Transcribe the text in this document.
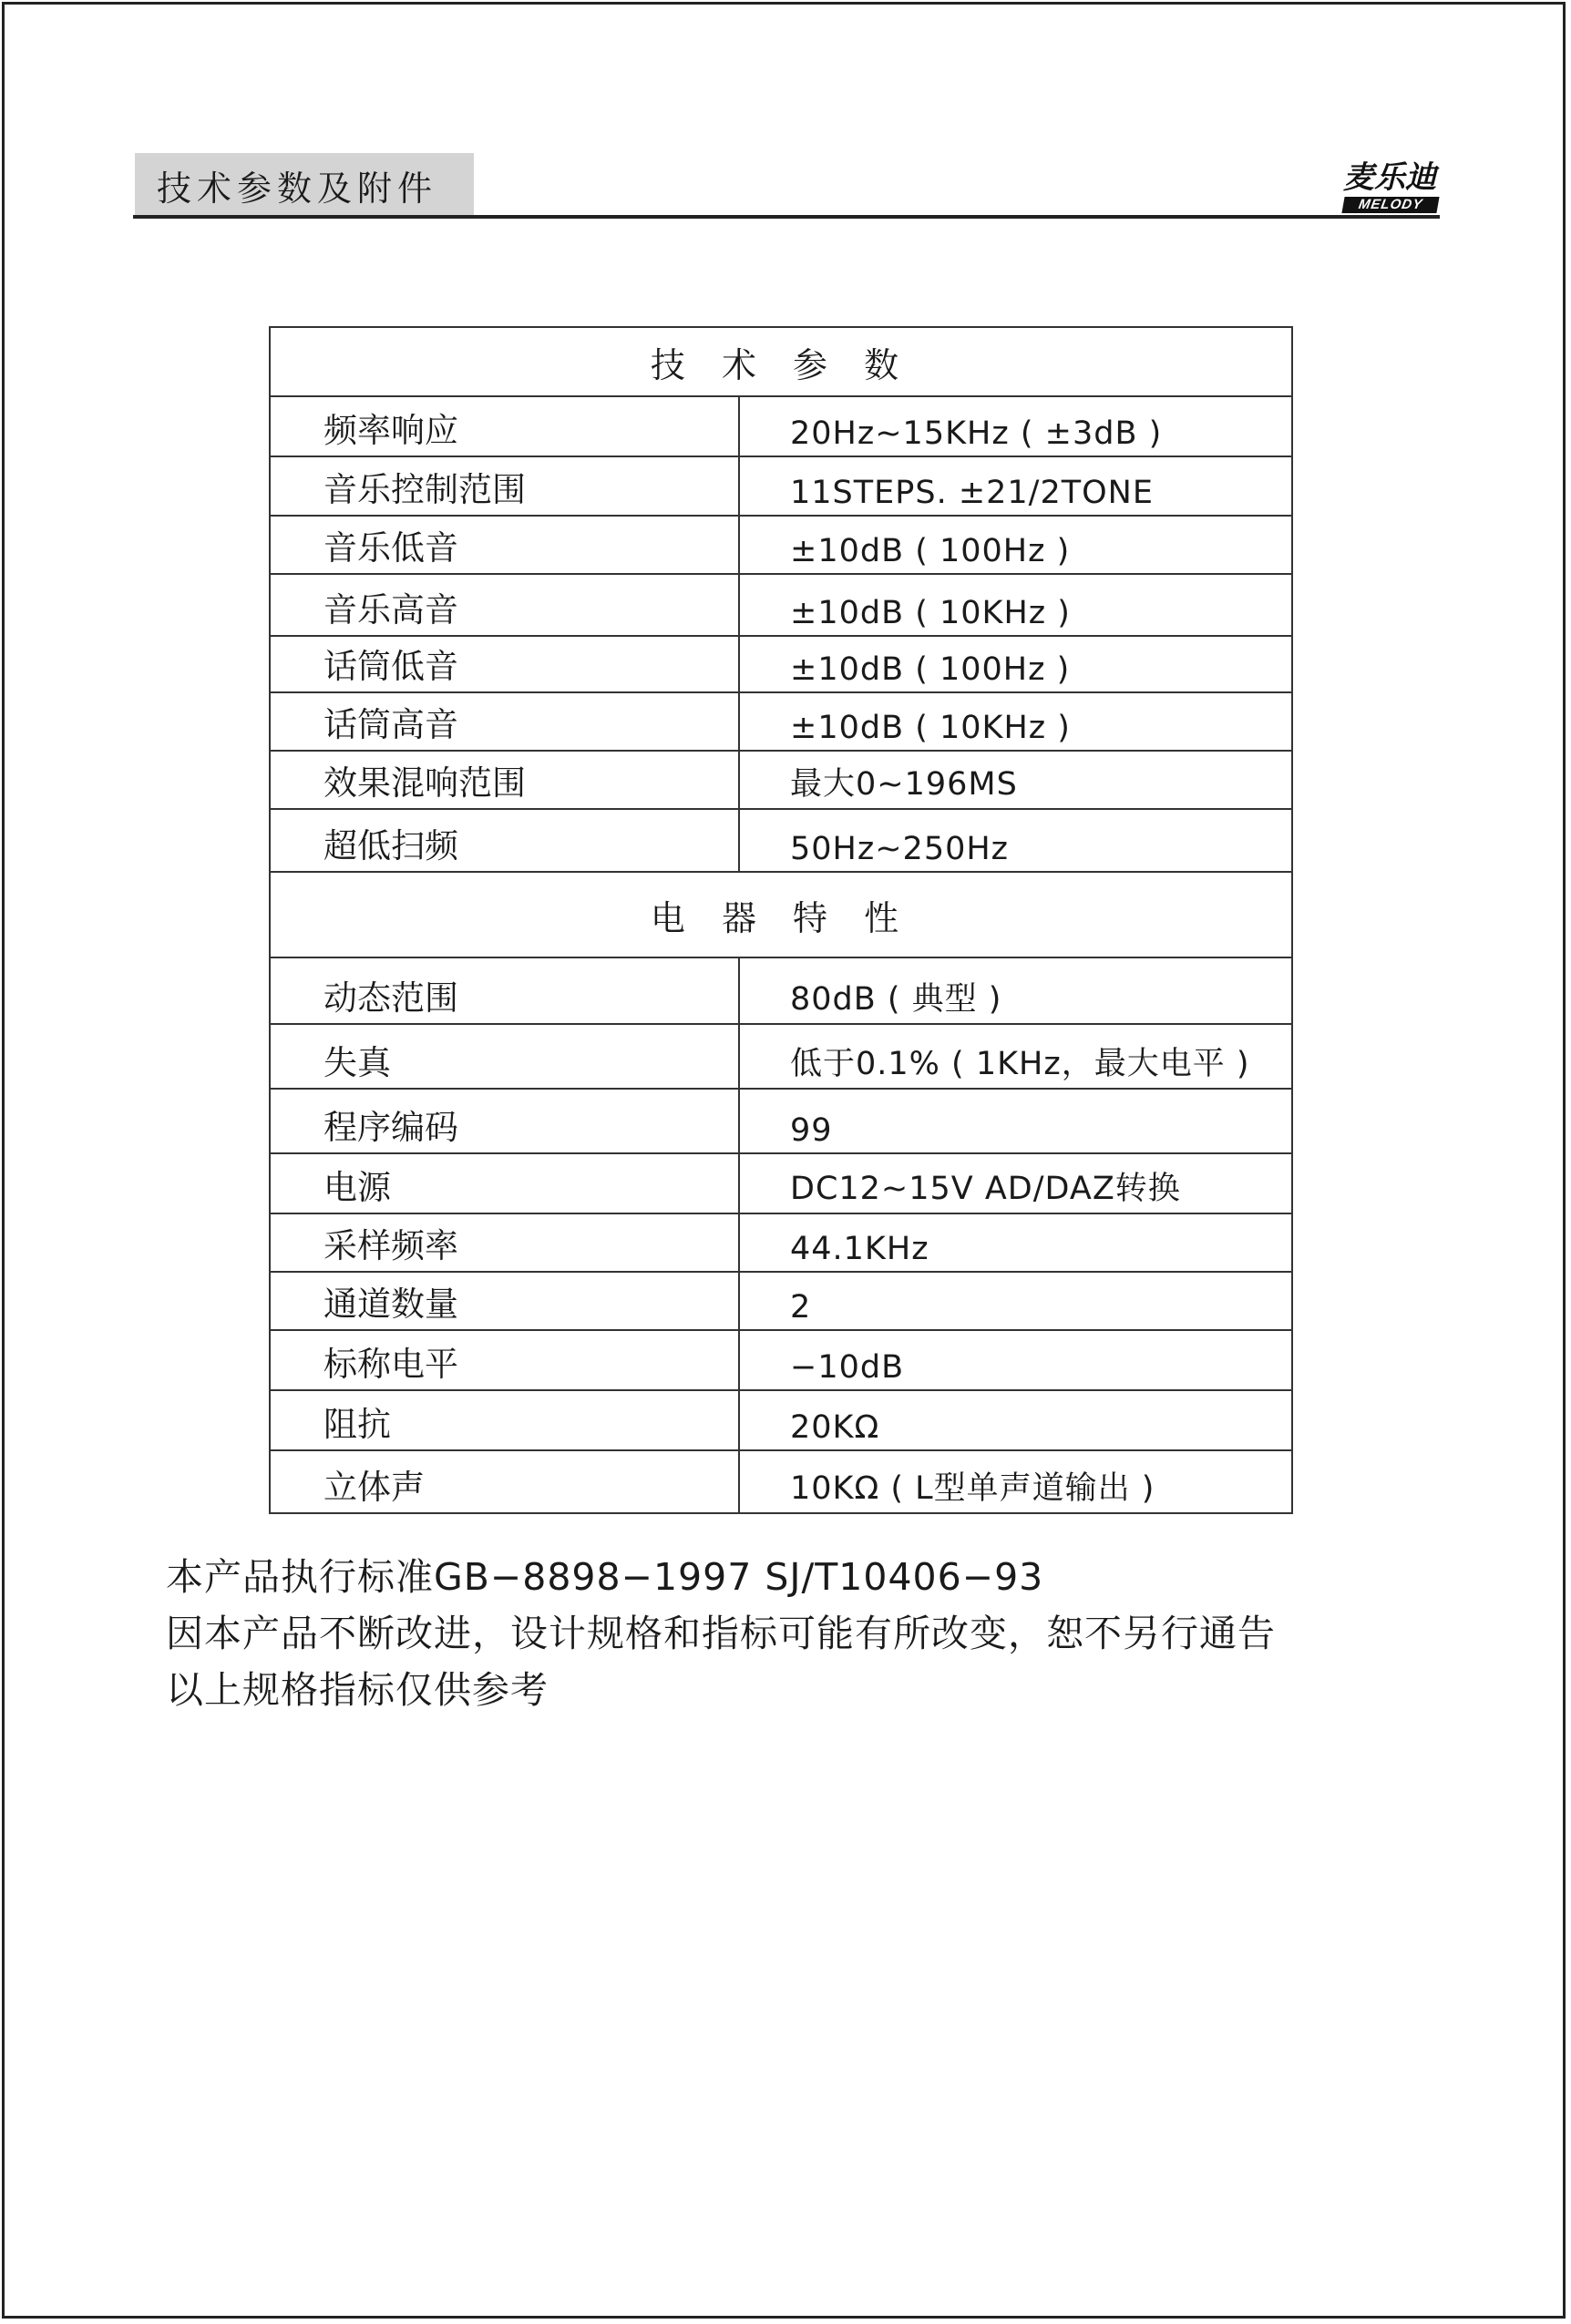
技术参数及附件	麦乐迪
MELODY
技 术 参 数
频率响应	20Hz~15KHz ( ±3dB )
音乐控制范围	11STEPS. ±21/2TONE
音乐低音	±10dB ( 100Hz )
音乐高音	±10dB ( 10KHz )
话筒低音	±10dB ( 100Hz )
话筒高音	±10dB ( 10KHz )
效果混响范围	最大0~196MS
超低扫频	50Hz~250Hz
电 器 特 性
动态范围	80dB ( 典型 )
失真	低于0.1% ( 1KHz，最大电平 )
程序编码	99
电源	DC12~15V AD/DAZ转换
采样频率	44.1KHz
通道数量	2
标称电平	−10dB
阻抗	20KΩ
立体声	10KΩ ( L型单声道输出 )
本产品执行标准GB−8898−1997 SJ/T10406−93
因本产品不断改进，设计规格和指标可能有所改变，恕不另行通告
以上规格指标仅供参考
